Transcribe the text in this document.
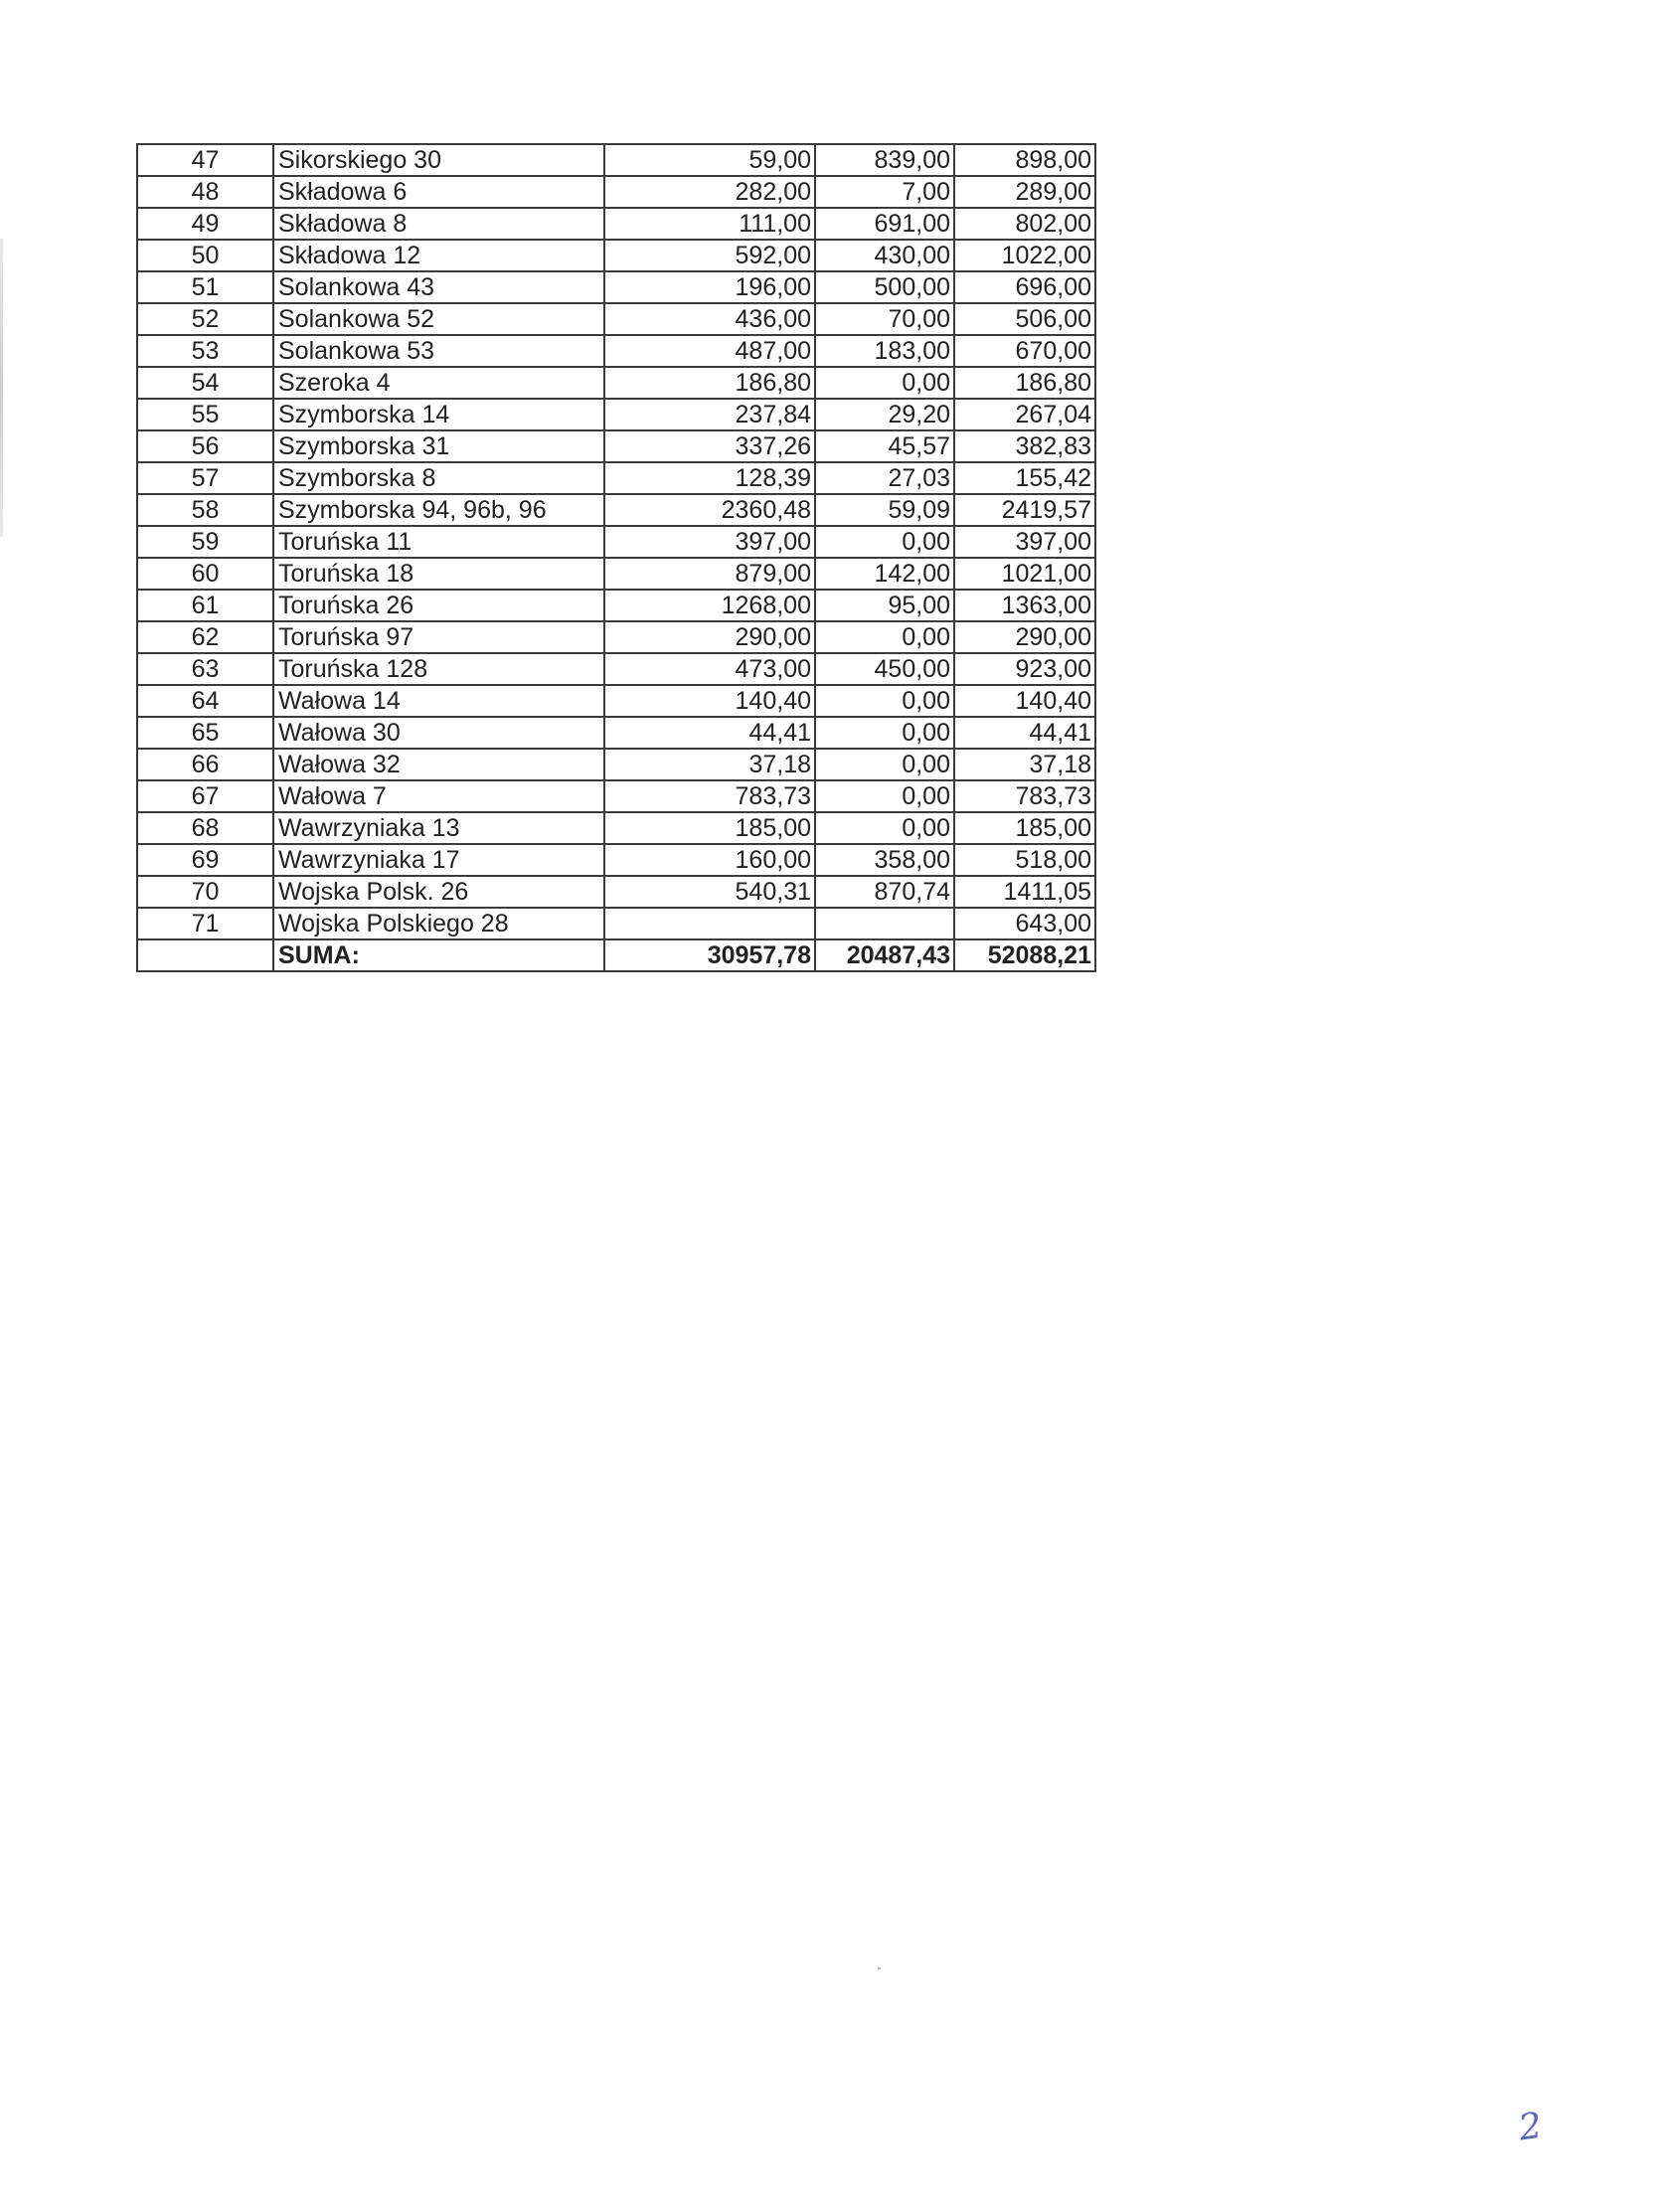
47	Sikorskiego 30	59,00	839,00	898,00
48	Składowa 6	282,00	7,00	289,00
49	Składowa 8	111,00	691,00	802,00
50	Składowa 12	592,00	430,00	1022,00
51	Solankowa 43	196,00	500,00	696,00
52	Solankowa 52	436,00	70,00	506,00
53	Solankowa 53	487,00	183,00	670,00
54	Szeroka 4	186,80	0,00	186,80
55	Szymborska 14	237,84	29,20	267,04
56	Szymborska 31	337,26	45,57	382,83
57	Szymborska 8	128,39	27,03	155,42
58	Szymborska 94, 96b, 96	2360,48	59,09	2419,57
59	Toruńska 11	397,00	0,00	397,00
60	Toruńska 18	879,00	142,00	1021,00
61	Toruńska 26	1268,00	95,00	1363,00
62	Toruńska 97	290,00	0,00	290,00
63	Toruńska 128	473,00	450,00	923,00
64	Wałowa 14	140,40	0,00	140,40
65	Wałowa 30	44,41	0,00	44,41
66	Wałowa 32	37,18	0,00	37,18
67	Wałowa 7	783,73	0,00	783,73
68	Wawrzyniaka 13	185,00	0,00	185,00
69	Wawrzyniaka 17	160,00	358,00	518,00
70	Wojska Polsk. 26	540,31	870,74	1411,05
71	Wojska Polskiego 28			643,00
	SUMA:	30957,78	20487,43	52088,21
2
